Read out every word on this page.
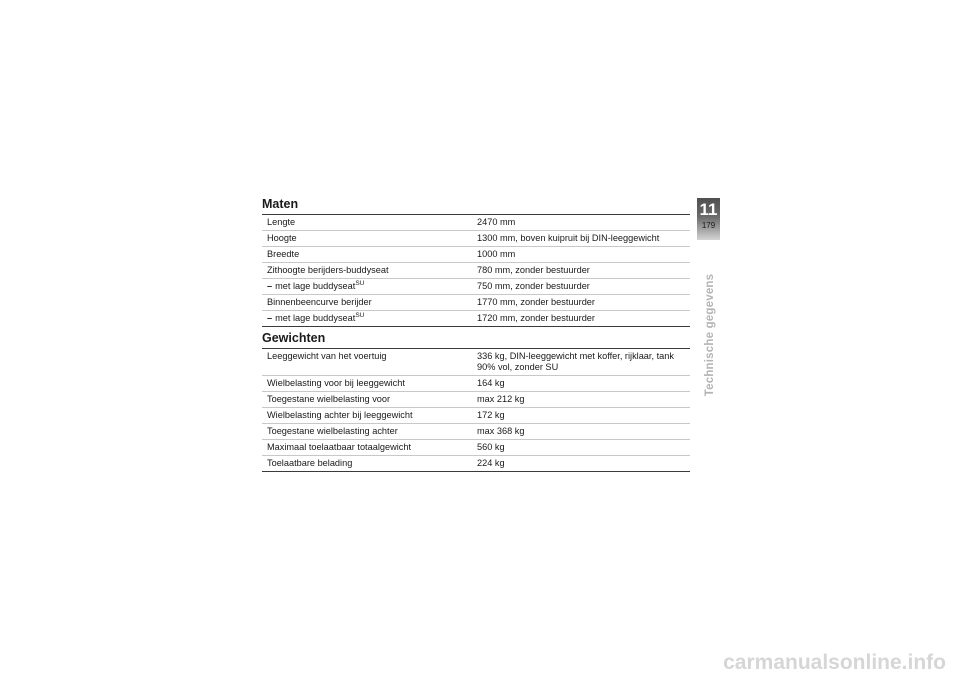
Maten
Lengte	2470 mm
Hoogte	1300 mm, boven kuipruit bij DIN-leeggewicht
Breedte	1000 mm
Zithoogte berijders-buddyseat	780 mm, zonder bestuurder
– met lage buddyseat$^{SU}$	750 mm, zonder bestuurder
Binnenbeencurve berijder	1770 mm, zonder bestuurder
– met lage buddyseat$^{SU}$	1720 mm, zonder bestuurder
Gewichten
Leeggewicht van het voertuig	336 kg, DIN-leeggewicht met koffer, rijklaar, tank 90% vol, zonder SU
Wielbelasting voor bij leeggewicht	164 kg
Toegestane wielbelasting voor	max 212 kg
Wielbelasting achter bij leeggewicht	172 kg
Toegestane wielbelasting achter	max 368 kg
Maximaal toelaatbaar totaalgewicht	560 kg
Toelaatbare belading	224 kg
11
179
Technische gegevens
carmanualsonline.info
